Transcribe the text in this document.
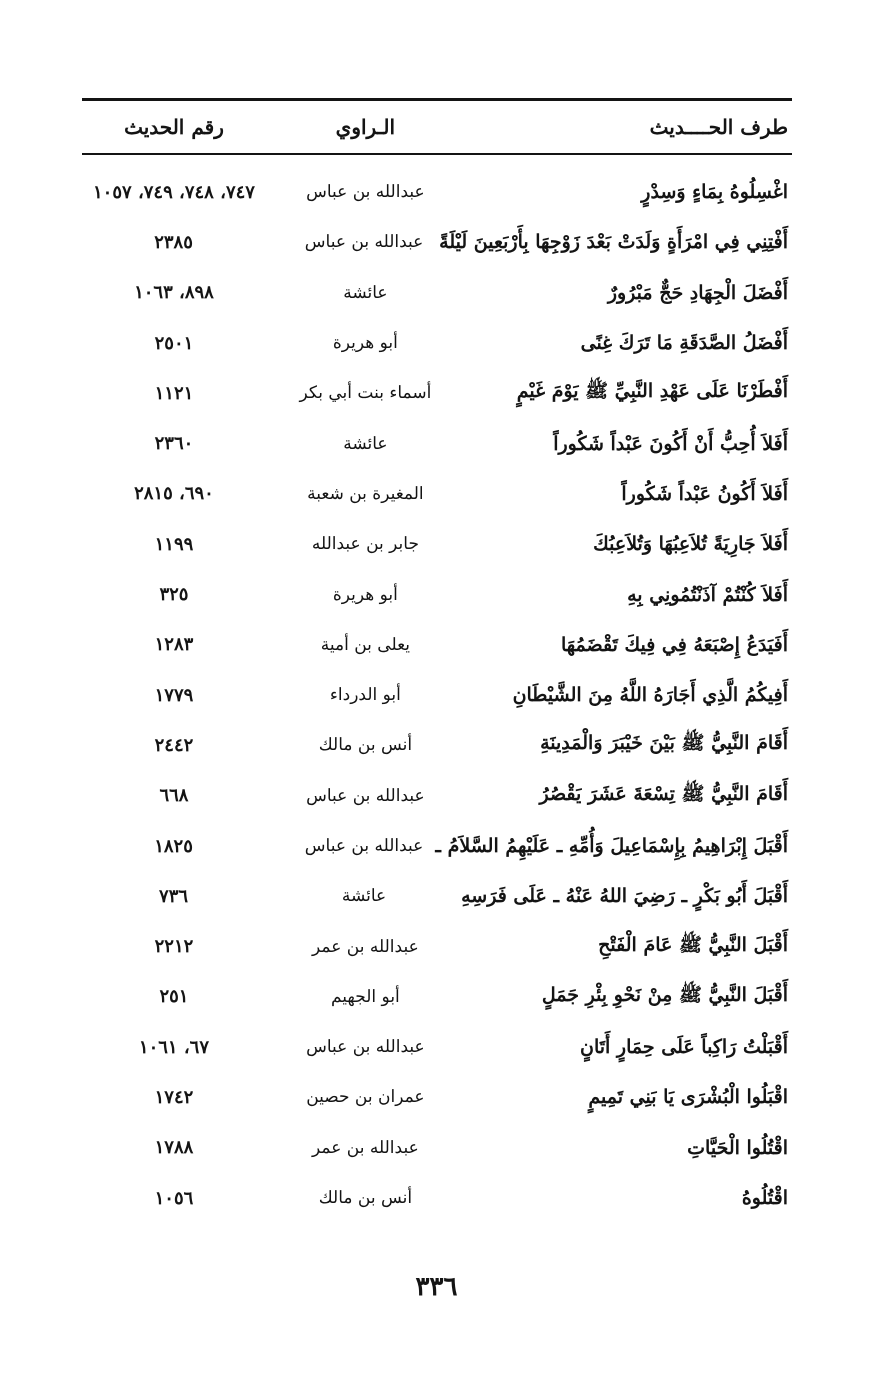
طرف الحــــديث
الـراوي
رقم الحديث
اغْسِلُوهُ بِمَاءٍ وَسِدْرٍ
عبدالله بن عباس
٧٤٧، ٧٤٨، ٧٤٩، ١٠٥٧
أَفْتِنِي فِي امْرَأَةٍ وَلَدَتْ بَعْدَ زَوْجِهَا بِأَرْبَعِينَ لَيْلَةً
عبدالله بن عباس
٢٣٨٥
أَفْضَلَ الْجِهَادِ حَجٌّ مَبْرُورٌ
عائشة
٨٩٨، ١٠٦٣
أَفْضَلُ الصَّدَقَةِ مَا تَرَكَ غِنًى
أبو هريرة
٢٥٠١
أَفْطَرْنَا عَلَى عَهْدِ النَّبِيِّ ﷺ يَوْمَ غَيْمٍ
أسماء بنت أبي بكر
١١٢١
أَفَلاَ أُحِبُّ أَنْ أَكُونَ عَبْداً شَكُوراً
عائشة
٢٣٦٠
أَفَلاَ أَكُونُ عَبْداً شَكُوراً
المغيرة بن شعبة
٦٩٠، ٢٨١٥
أَفَلاَ جَارِيَةً تُلاَعِبُهَا وَتُلاَعِبُكَ
جابر بن عبدالله
١١٩٩
أَفَلاَ كُنْتُمْ آذَنْتُمُونِي بِهِ
أبو هريرة
٣٢٥
أَفَيَدَعُ إِصْبَعَهُ فِي فِيكَ تَقْضَمُهَا
يعلى بن أمية
١٢٨٣
أَفِيكُمُ الَّذِي أَجَارَهُ اللَّهُ مِنَ الشَّيْطَانِ
أبو الدرداء
١٧٧٩
أَقَامَ النَّبِيُّ ﷺ بَيْنَ خَيْبَرَ وَالْمَدِينَةِ
أنس بن مالك
٢٤٤٢
أَقَامَ النَّبِيُّ ﷺ تِسْعَةَ عَشَرَ يَقْصُرُ
عبدالله بن عباس
٦٦٨
أَقْبَلَ إِبْرَاهِيمُ بِإِسْمَاعِيلَ وَأُمِّهِ ـ عَلَيْهِمُ السَّلاَمُ ـ
عبدالله بن عباس
١٨٢٥
أَقْبَلَ أَبُو بَكْرٍ ـ رَضِيَ اللهُ عَنْهُ ـ عَلَى فَرَسِهِ
عائشة
٧٣٦
أَقْبَلَ النَّبِيُّ ﷺ عَامَ الْفَتْحِ
عبدالله بن عمر
٢٢١٢
أَقْبَلَ النَّبِيُّ ﷺ مِنْ نَحْوِ بِئْرِ جَمَلٍ
أبو الجهيم
٢٥١
أَقْبَلْتُ رَاكِباً عَلَى حِمَارٍ أَتَانٍ
عبدالله بن عباس
٦٧، ١٠٦١
اقْبَلُوا الْبُشْرَى يَا بَنِي تَمِيمٍ
عمران بن حصين
١٧٤٢
اقْتُلُوا الْحَيَّاتِ
عبدالله بن عمر
١٧٨٨
اقْتُلُوهُ
أنس بن مالك
١٠٥٦
٣٣٦
